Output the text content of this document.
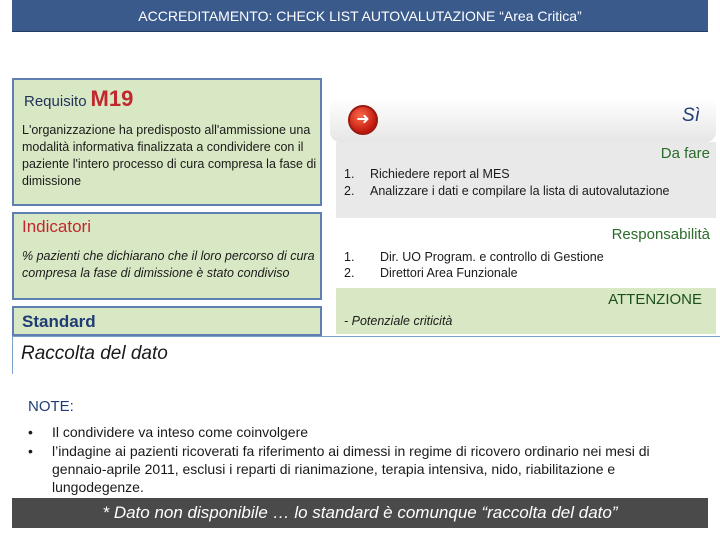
ACCREDITAMENTO: CHECK LIST AUTOVALUTAZIONE “Area Critica”
Requisito M19
L'organizzazione ha predisposto all'ammissione una modalità informativa finalizzata a condividere con il paziente l'intero processo di cura compresa la fase di dimissione
Indicatori
% pazienti che dichiarano che il loro percorso di cura compresa la fase di dimissione è stato condiviso
Standard
Raccolta del dato
➜	Sì
Da fare
1. Richiedere report al MES
2. Analizzare i dati e compilare la lista di autovalutazione
Responsabilità
1. Dir. UO Program. e controllo di Gestione
2. Direttori Area Funzionale
ATTENZIONE
- Potenziale criticità
NOTE:
• Il condividere va inteso come coinvolgere
• l’indagine ai pazienti ricoverati fa riferimento ai dimessi in regime di ricovero ordinario nei mesi di gennaio-aprile 2011, esclusi i reparti di rianimazione, terapia intensiva, nido, riabilitazione e lungodegenze.
* Dato non disponibile … lo standard è comunque “raccolta del dato”
